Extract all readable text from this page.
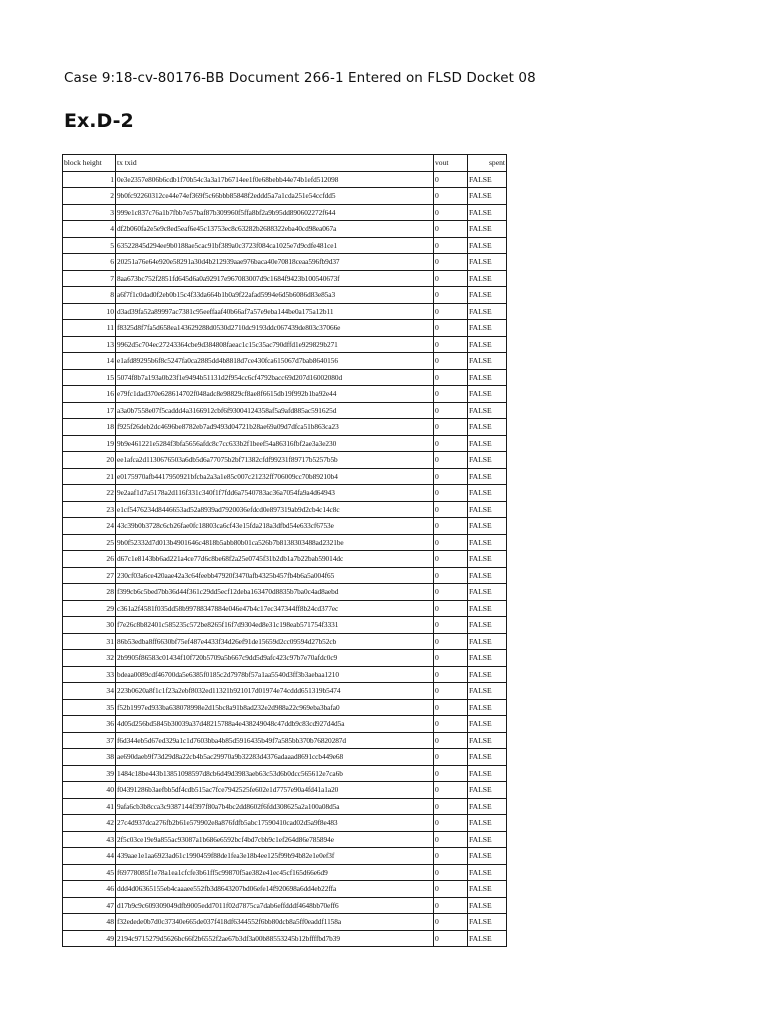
Case 9:18-cv-80176-BB Document 266-1 Entered on FLSD Docket 08
Ex.D-2
block height	tx txid	vout	spent
1	0e3e2357e806b6cdb1f70b54c3a3a17b6714ee1f0e68bebb44e74b1efd512098	0	FALSE
2	9b0fc92260312ce44e74ef369f5c66bbb85848f2eddd5a7a1cda251e54ccfdd5	0	FALSE
3	999e1c837c76a1b7fbb7e57baf87b309960f5ffa8bf2a9b95dd890602272f644	0	FALSE
4	df2b060fa2e5e9c8ed5eaf6e45c13753ec8c63282b2688322eba40cd98ea067a	0	FALSE
5	63522845d294ee9b0188ae5cac91bf389a0c3723f084ca1025e7d9cdfe481ce1	0	FALSE
6	20251a76e64e920e58291a30d4b212939aae976baca40e70818ceaa596fb9d37	0	FALSE
7	8aa673bc752f2851fd645d6a0a92917e967083007d9c1684f9423b100540673f	0	FALSE
8	a6f7f1c0dad0f2eb0b15c4f33da664b1b0a9f22afad5994e6d5b6086d83e85a3	0	FALSE
10	d3ad39fa52a89997ac7381c95eeffaaf40b66af7a57e9eba144be0a175a12b11	0	FALSE
11	f8325d8f7fa5d658ea143629288d0530d2710dc9193ddc067439de803c37066e	0	FALSE
13	9962d5c704ec27243364cbe9d384808faeac1c15c35ac790dffd1e929829b271	0	FALSE
14	e1afd89295b6f8c5247fa0ca2885dd4b8818d7ce430fca615067d7bab8640156	0	FALSE
15	5074f8b7a193a0b23f1e9494b51131d2f954cc6cf4792bacc69d207d16002080d	0	FALSE
16	e79fc1dad370e628614702f048adc8e98829cf8ae8f6615db19f992b1ba92e44	0	FALSE
17	a3a0b7558e07f5caddd4a3166912cbf6f93004124358af5a9afd885ac591625d	0	FALSE
18	f925f26deb2dc4696be8782eb7ad9493d04721b28ae69a09d7dfca51b863ca23	0	FALSE
19	9b9e461221e5284f3bfa5656afdc8c7cc633b2f1beef54a86316fbf2ae3a3e230	0	FALSE
20	ee1afca2d1130676503a6db5d6a77075b2bf71382cfdf99231f89717b5257b5b	0	FALSE
21	e0175970afb4417950921bfcba2a3a1e85c007c21232ff706009cc70b89210b4	0	FALSE
22	9e2aaf1d7a5178a2d116f331c340f1f7fdd6a7540783ac36a7054fa9a4d64943	0	FALSE
23	e1cf5476234d8446653ad52a8939ad7920036efdcd0e897319ab9d2cb4c14c8c	0	FALSE
24	43c39b0b3728c6cb26fae0fc18803ca6cf43e15fda218a3dfbd54e633cf6753e	0	FALSE
25	9b0f52332d7d013b4901646c4818b5abb80b01ca526b7b8138303488ad2321be	0	FALSE
26	d67c1e8143bb6ad221a4ce77d6c8be68f2a25e0745f31b2db1a7b22bab59014dc	0	FALSE
27	230cf03a6ce420aae42a3c64feebb47920f3470afb4325b457fb4b6a5a004f65	0	FALSE
28	f399cb6c5bed7bb36d44f361c29dd5ecf12deba163470d8835b7ba0c4ad8aebd	0	FALSE
29	c361a2f4581f035dd58b99788347884e046e47b4c17ec347344ff8b24cd377ec	0	FALSE
30	f7e26c8b82401c585235c572be8265f16f7d9304ed8e31c198eab571754f3331	0	FALSE
31	86b53edba8ff6630bf75ef487e4433f34d26ef91de15659d2cc09594d27b52cb	0	FALSE
32	2b9905f86583c01434f10f720b5709a5b667c9dd5d9afc423c97b7e70afdc0c9	0	FALSE
33	bdeaa0089cdf46700da5e6385f0185c2d7978bf57a1aa5540d3ff3b3aebaa1210	0	FALSE
34	223b0620a8f1c1f23a2ebf8032ed11321b921017d01974e74cddd651319b5474	0	FALSE
35	f52b1997ed933ba638078998e2d15bc8a91b8ad232e2d988a22c969eba3bafa0	0	FALSE
36	4d05d256bd5845b30039a37d48215788a4e438249048c47ddb9c83cd927d4d5a	0	FALSE
37	f6d344eb5d67ed329a1c1d7603bba4b85d5916435b49f7a585bb370b76820287d	0	FALSE
38	ae690daeb9f73d29d8a22cb4b5ac29970a9b32283d4376adaaad8691ccb449e68	0	FALSE
39	1484c18be443b13851098597d8cb6d49d3983aeb63c53d6b0dcc565612e7ca6b	0	FALSE
40	f04391286b3aefbb5df4cdb515ac7fce7942525fe602e1d7757e90a4fd41a1a20	0	FALSE
41	9afa6cb3b8cca3c9387144f397f80a7b4bc2dd8602f6fdd308625a2a100a08d5a	0	FALSE
42	27c4d937dca276fb2b61e579902e8a876fdfb5abc17590410cad02d5a9f8e483	0	FALSE
43	2f5c03ce19e9a855ac93087a1b686e6592bcf4bd7cbb9c1ef264d86e785894e	0	FALSE
44	439aae1e1aa6923ad61c1990459f88de1fea3e18b4ee125f99b94b82e1e0ef3f	0	FALSE
45	f69778085f1e78a1ea1cfcfe3b61ff5c99870f5ae382e41ec45cf165d66e6d9	0	FALSE
46	ddd4d06365155eb4caaaee552fb3d8643207bd06efe14f920698a6dd4eb22ffa	0	FALSE
47	d17b9c9c609309049dfb9005edd7011f02d7875ca7dab6effdddf4648bb70eff6	0	FALSE
48	f32edede0b7d0c37340e665de037f418df6344552f6bb80dcb8a5ff0eaddf1158a	0	FALSE
49	2194c9715279d5626bc66f2b6552f2ae67b3df3a00b88553245b12bffffbd7b39	0	FALSE
